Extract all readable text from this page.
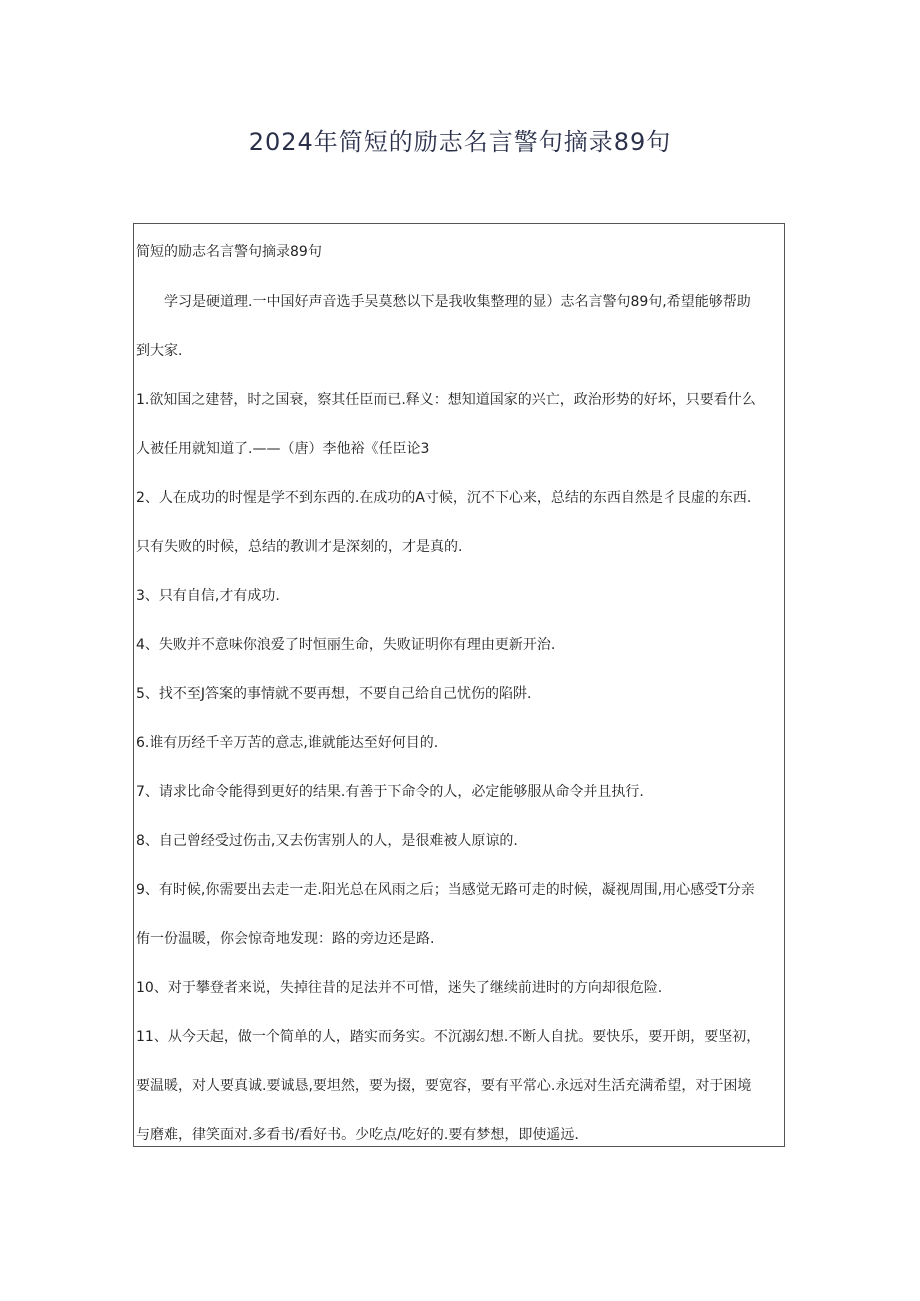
2024年简短的励志名言警句摘录89句
简短的励志名言警句摘录89句
学习是硬道理.一中国好声音选手吴莫愁以下是我收集整理的显）志名言警句89句,希望能够帮助
到大家.
1.欲知国之建替，时之国衰，察其任臣而已.释义：想知道国家的兴亡，政治形势的好坏，只要看什么
人被任用就知道了.——（唐）李他裕《任臣论3
2、人在成功的时惺是学不到东西的.在成功的A寸候，沉不下心来，总结的东西自然是彳艮虚的东西.
只有失败的时候，总结的教训才是深刻的，才是真的.
3、只有自信,才有成功.
4、失败并不意味你浪爱了时恒丽生命，失败证明你有理由更新开治.
5、找不至J答案的事情就不要再想，不要自己给自己忧伤的陷阱.
6.谁有历经千辛万苦的意志,谁就能达至好何目的.
7、请求比命令能得到更好的结果.有善于下命令的人，必定能够服从命令并且执行.
8、自己曾经受过伤击,又去伤害别人的人，是很难被人原谅的.
9、有时候,你需要出去走一走.阳光总在风雨之后；当感觉无路可走的时候，凝视周围,用心感受T分亲
侑一份温暖，你会惊奇地发现：路的旁边还是路.
10、对于攀登者来说，失掉往昔的足法并不可惜，迷失了继续前进时的方向却很危险.
11、从今天起，做一个简单的人，踏实而务实。不沉溺幻想.不断人自扰。要快乐，要开朗，要坚初，
要温暖，对人要真诚.要诚恳,要坦然，要为掇，要宽容，要有平常心.永远对生活充满希望，对于困境
与磨难，律笑面对.多看书/看好书。少吃点/吃好的.要有梦想，即使遥远.
